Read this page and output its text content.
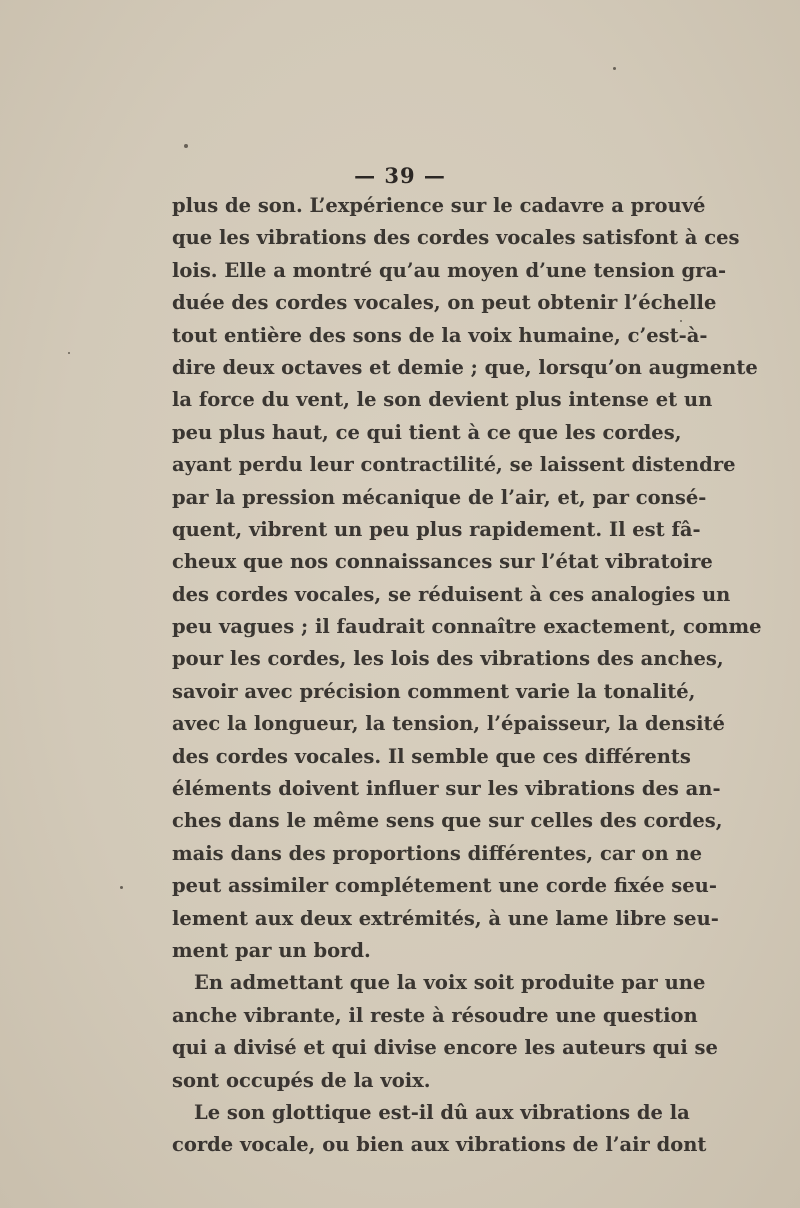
— 39 —
plus de son. L’expérience sur le cadavre a prouvé
que les vibrations des cordes vocales satisfont à ces
lois. Elle a montré qu’au moyen d’une tension gra-
duée des cordes vocales, on peut obtenir l’échelle
tout entière des sons de la voix humaine, c’est-à-
dire deux octaves et demie ; que, lorsqu’on augmente
la force du vent, le son devient plus intense et un
peu plus haut, ce qui tient à ce que les cordes,
ayant perdu leur contractilité, se laissent distendre
par la pression mécanique de l’air, et, par consé-
quent, vibrent un peu plus rapidement. Il est fâ-
cheux que nos connaissances sur l’état vibratoire
des cordes vocales, se réduisent à ces analogies un
peu vagues ; il faudrait connaître exactement, comme
pour les cordes, les lois des vibrations des anches,
savoir avec précision comment varie la tonalité,
avec la longueur, la tension, l’épaisseur, la densité
des cordes vocales. Il semble que ces différents
éléments doivent influer sur les vibrations des an-
ches dans le même sens que sur celles des cordes,
mais dans des proportions différentes, car on ne
peut assimiler complétement une corde fixée seu-
lement aux deux extrémités, à une lame libre seu-
ment par un bord.
En admettant que la voix soit produite par une
anche vibrante, il reste à résoudre une question
qui a divisé et qui divise encore les auteurs qui se
sont occupés de la voix.
Le son glottique est-il dû aux vibrations de la
corde vocale, ou bien aux vibrations de l’air dont
